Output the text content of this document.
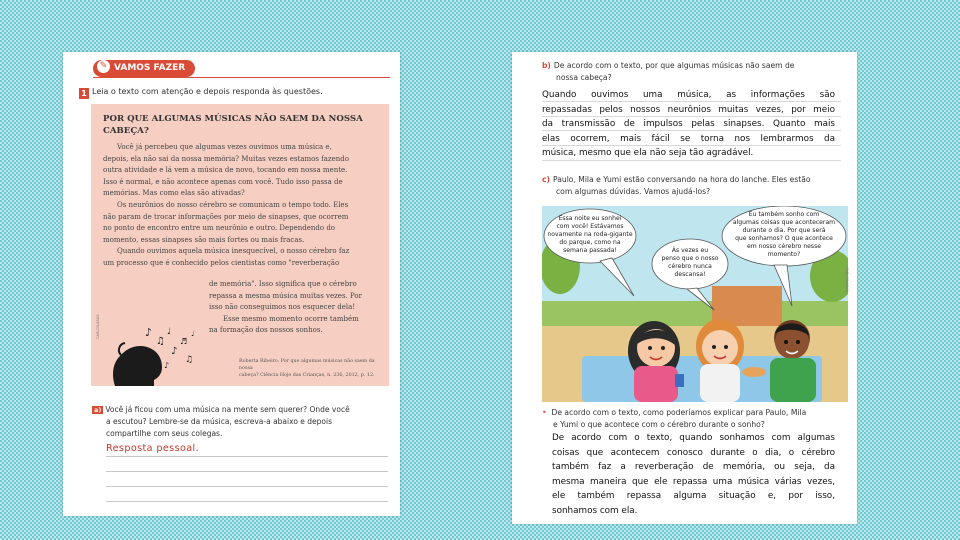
✎ VAMOS FAZER
1 Leia o texto com atenção e depois responda às questões.
POR QUE ALGUMAS MÚSICAS NÃO SAEM DA NOSSA
CABEÇA?
Você já percebeu que algumas vezes ouvimos uma música e,
depois, ela não sai da nossa memória? Muitas vezes estamos fazendo
outra atividade e lá vem a música de novo, tocando em nossa mente.
Isso é normal, e não acontece apenas com você. Tudo isso passa de
memórias. Mas como elas são ativadas?
Os neurônios do nosso cérebro se comunicam o tempo todo. Eles
não param de trocar informações por meio de sinapses, que ocorrem
no ponto de encontro entre um neurônio e outro. Dependendo do
momento, essas sinapses são mais fortes ou mais fracas.
Quando ouvimos aquela música inesquecível, o nosso cérebro faz
um processo que é conhecido pelos cientistas como "reverberação
de memória". Isso significa que o cérebro
repassa a mesma música muitas vezes. Por
isso não conseguimos nos esquecer dela!
Esse mesmo momento ocorre também
na formação dos nossos sonhos.
Roberta Ribeiro. Por que algumas músicas não saem da nossa
cabeça? Ciência Hoje das Crianças, n. 236, 2012, p. 12.
CARLOS/ASAS	♪
♫
♩
♪
♬
♫
♪
♩
a) Você já ficou com uma música na mente sem querer? Onde você
a escutou? Lembre-se da música, escreva-a abaixo e depois
compartilhe com seus colegas.
Resposta pessoal.
b) De acordo com o texto, por que algumas músicas não saem de
nossa cabeça?
Quando ouvimos uma música, as informações são
repassadas pelos nossos neurônios muitas vezes, por meio
da transmissão de impulsos pelas sinapses. Quanto mais
elas ocorrem, mais fácil se torna nos lembrarmos da
música, mesmo que ela não seja tão agradável.
c) Paulo, Mila e Yumi estão conversando na hora do lanche. Eles estão
com algumas dúvidas. Vamos ajudá-los?
Essa noite eu sonhei
com você! Estávamos
novamente na roda-gigante
do parque, como na
semana passada!	Às vezes eu
penso que o nosso
cérebro nunca
descansa!
Eu também sonho com
algumas coisas que aconteceram
durante o dia. Por que será
que sonhamos? O que acontece
em nosso cérebro nesse
momento?
CARLOS/ASAS
• De acordo com o texto, como poderíamos explicar para Paulo, Mila
e Yumi o que acontece com o cérebro durante o sonho?
De acordo com o texto, quando sonhamos com algumas
coisas que acontecem conosco durante o dia, o cérebro
também faz a reverberação de memória, ou seja, da
mesma maneira que ele repassa uma música várias vezes,
ele também repassa alguma situação e, por isso,
sonhamos com ela.
